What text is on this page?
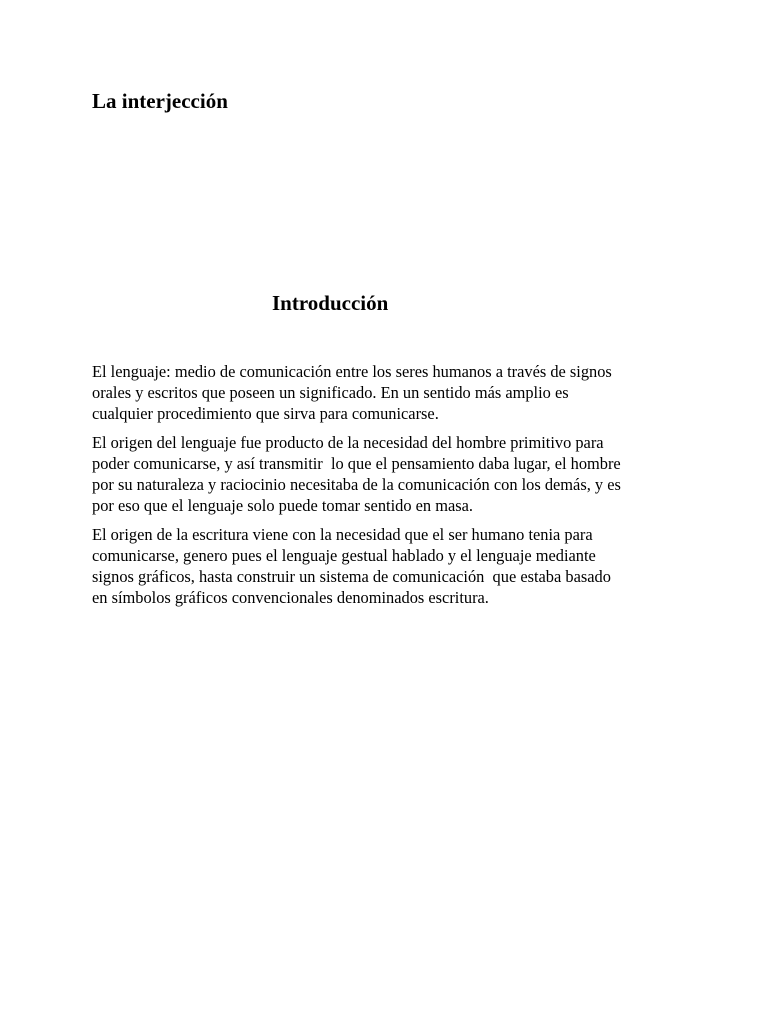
La interjección
Introducción

El lenguaje: medio de comunicación entre los seres humanos a través de signos
orales y escritos que poseen un significado. En un sentido más amplio es
cualquier procedimiento que sirva para comunicarse.

El origen del lenguaje fue producto de la necesidad del hombre primitivo para
poder comunicarse, y así transmitir  lo que el pensamiento daba lugar, el hombre
por su naturaleza y raciocinio necesitaba de la comunicación con los demás, y es
por eso que el lenguaje solo puede tomar sentido en masa.

El origen de la escritura viene con la necesidad que el ser humano tenia para
comunicarse, genero pues el lenguaje gestual hablado y el lenguaje mediante
signos gráficos, hasta construir un sistema de comunicación  que estaba basado
en símbolos gráficos convencionales denominados escritura.
